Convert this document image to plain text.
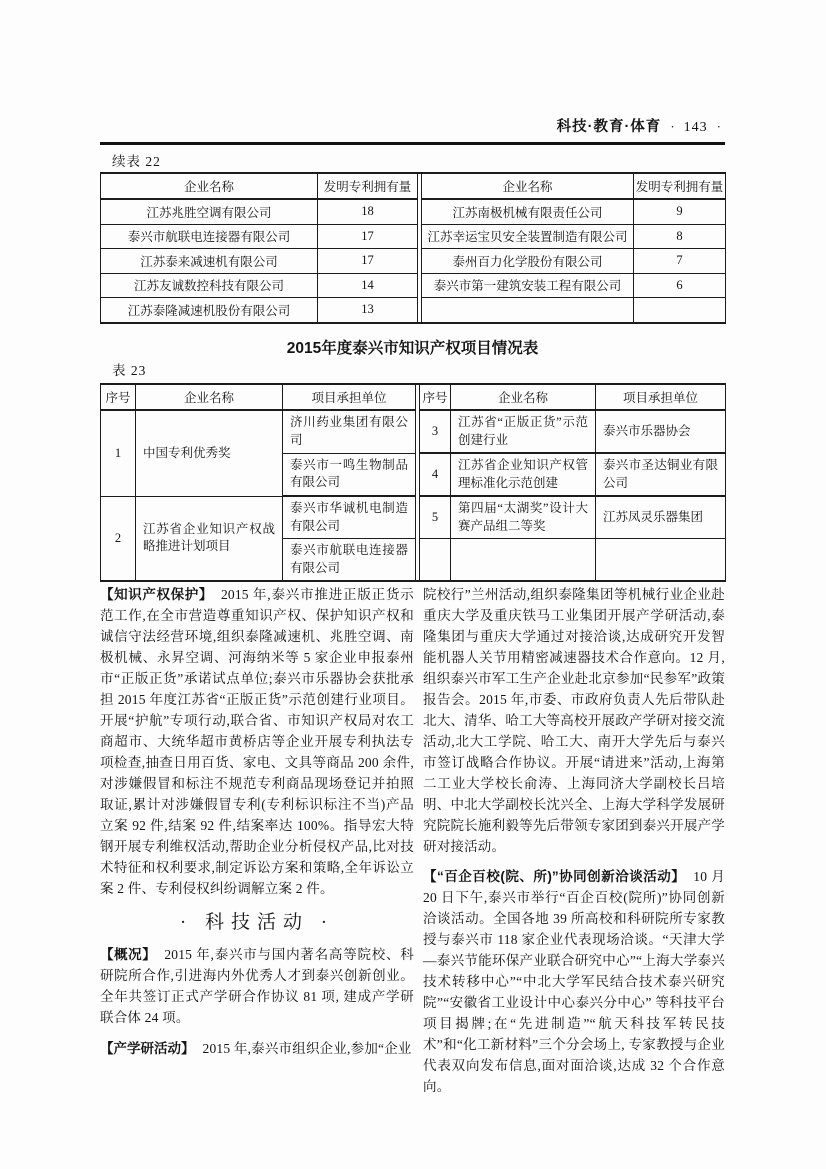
科技·教育·体育 · 143 ·
续表 22
企业名称	发明专利拥有量		企业名称	发明专利拥有量
江苏兆胜空调有限公司	18		江苏南极机械有限责任公司	9
泰兴市航联电连接器有限公司	17		江苏幸运宝贝安全装置制造有限公司	8
江苏泰来减速机有限公司	17		泰州百力化学股份有限公司	7
江苏友诚数控科技有限公司	14		泰兴市第一建筑安装工程有限公司	6
江苏泰隆减速机股份有限公司	13			
2015年度泰兴市知识产权项目情况表
表 23
序号	企业名称	项目承担单位		序号	企业名称	项目承担单位
1	中国专利优秀奖	济川药业集团有限公司		3	江苏省“正版正货”示范创建行业	泰兴市乐器协会
		泰兴市一鸣生物制品有限公司		4	江苏省企业知识产权管理标准化示范创建	泰兴市圣达铜业有限公司
2	江苏省企业知识产权战略推进计划项目	泰兴市华诚机电制造有限公司		5	第四届“太湖奖”设计大赛产品组二等奖	江苏凤灵乐器集团
		泰兴市航联电连接器有限公司				

【知识产权保护】 2015 年,泰兴市推进正版正货示范工作,在全市营造尊重知识产权、保护知识产权和诚信守法经营环境,组织泰隆减速机、兆胜空调、南极机械、永昇空调、河海纳米等 5 家企业申报泰州市“正版正货”承诺试点单位;泰兴市乐器协会获批承担 2015 年度江苏省“正版正货”示范创建行业项目。开展“护航”专项行动,联合省、市知识产权局对农工商超市、大统华超市黄桥店等企业开展专利执法专项检查,抽查日用百货、家电、文具等商品 200 余件,对涉嫌假冒和标注不规范专利商品现场登记并拍照取证,累计对涉嫌假冒专利(专利标识标注不当)产品立案 92 件,结案 92 件,结案率达 100%。指导宏大特钢开展专利维权活动,帮助企业分析侵权产品,比对技术特征和权利要求,制定诉讼方案和策略,全年诉讼立案 2 件、专利侵权纠纷调解立案 2 件。

· 科技活动 ·

【概况】 2015 年,泰兴市与国内著名高等院校、科研院所合作,引进海内外优秀人才到泰兴创新创业。全年共签订正式产学研合作协议 81 项, 建成产学研联合体 24 项。

【产学研活动】 2015 年,泰兴市组织企业,参加“企业

院校行”兰州活动,组织泰隆集团等机械行业企业赴重庆大学及重庆铁马工业集团开展产学研活动,泰隆集团与重庆大学通过对接洽谈,达成研究开发智能机器人关节用精密减速器技术合作意向。12 月,组织泰兴市军工生产企业赴北京参加“民参军”政策报告会。2015 年,市委、市政府负责人先后带队赴北大、清华、哈工大等高校开展政产学研对接交流活动,北大工学院、哈工大、南开大学先后与泰兴市签订战略合作协议。开展“请进来”活动,上海第二工业大学校长俞涛、上海同济大学副校长吕培明、中北大学副校长沈兴全、上海大学科学发展研究院院长施利毅等先后带领专家团到泰兴开展产学研对接活动。

【“百企百校(院、所)”协同创新洽谈活动】 10 月 20 日下午,泰兴市举行“百企百校(院所)”协同创新洽谈活动。全国各地 39 所高校和科研院所专家教授与泰兴市 118 家企业代表现场洽谈。“天津大学—泰兴节能环保产业联合研究中心”“上海大学泰兴技术转移中心”“中北大学军民结合技术泰兴研究院”“安徽省工业设计中心泰兴分中心” 等科技平台项目揭牌;在“先进制造”“航天科技军转民技术”和“化工新材料”三个分会场上, 专家教授与企业代表双向发布信息,面对面洽谈,达成 32 个合作意向。
